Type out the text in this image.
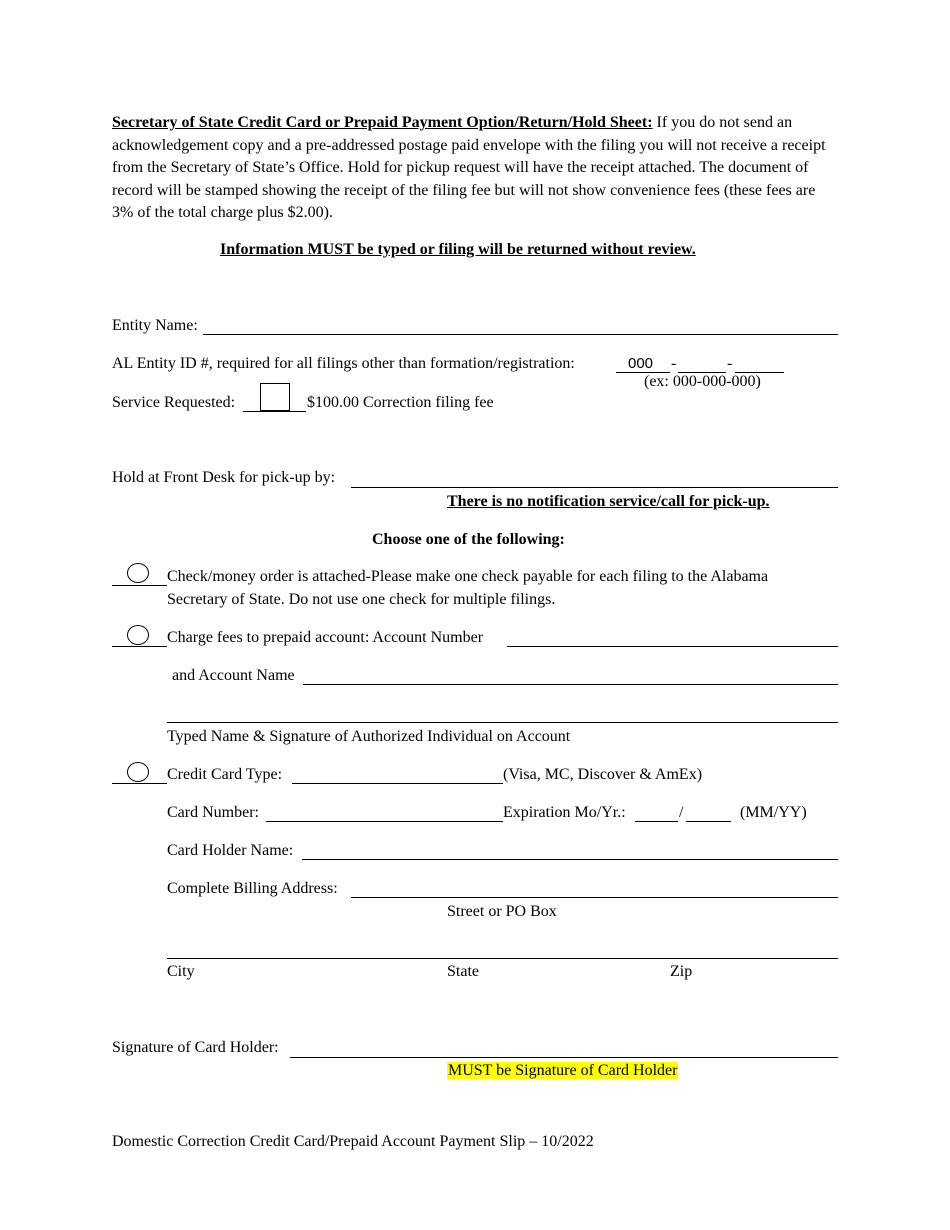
Secretary of State Credit Card or Prepaid Payment Option/Return/Hold Sheet: If you do not send an acknowledgement copy and a pre-addressed postage paid envelope with the filing you will not receive a receipt from the Secretary of State’s Office. Hold for pickup request will have the receipt attached. The document of record will be stamped showing the receipt of the filing fee but will not show convenience fees (these fees are 3% of the total charge plus $2.00).
Information MUST be typed or filing will be returned without review.
Entity Name:
AL Entity ID #, required for all filings other than formation/registration:	000 -	-
(ex: 000-000-000)
Service Requested:	$100.00 Correction filing fee
Hold at Front Desk for pick-up by:
There is no notification service/call for pick-up.
Choose one of the following:
Check/money order is attached-Please make one check payable for each filing to the Alabama
Secretary of State. Do not use one check for multiple filings.
Charge fees to prepaid account: Account Number
and Account Name
Typed Name & Signature of Authorized Individual on Account
Credit Card Type:	(Visa, MC, Discover & AmEx)
Card Number:	Expiration Mo/Yr.:	/	(MM/YY)
Card Holder Name:
Complete Billing Address:
Street or PO Box
City	State	Zip
Signature of Card Holder:
MUST be Signature of Card Holder
Domestic Correction Credit Card/Prepaid Account Payment Slip – 10/2022
